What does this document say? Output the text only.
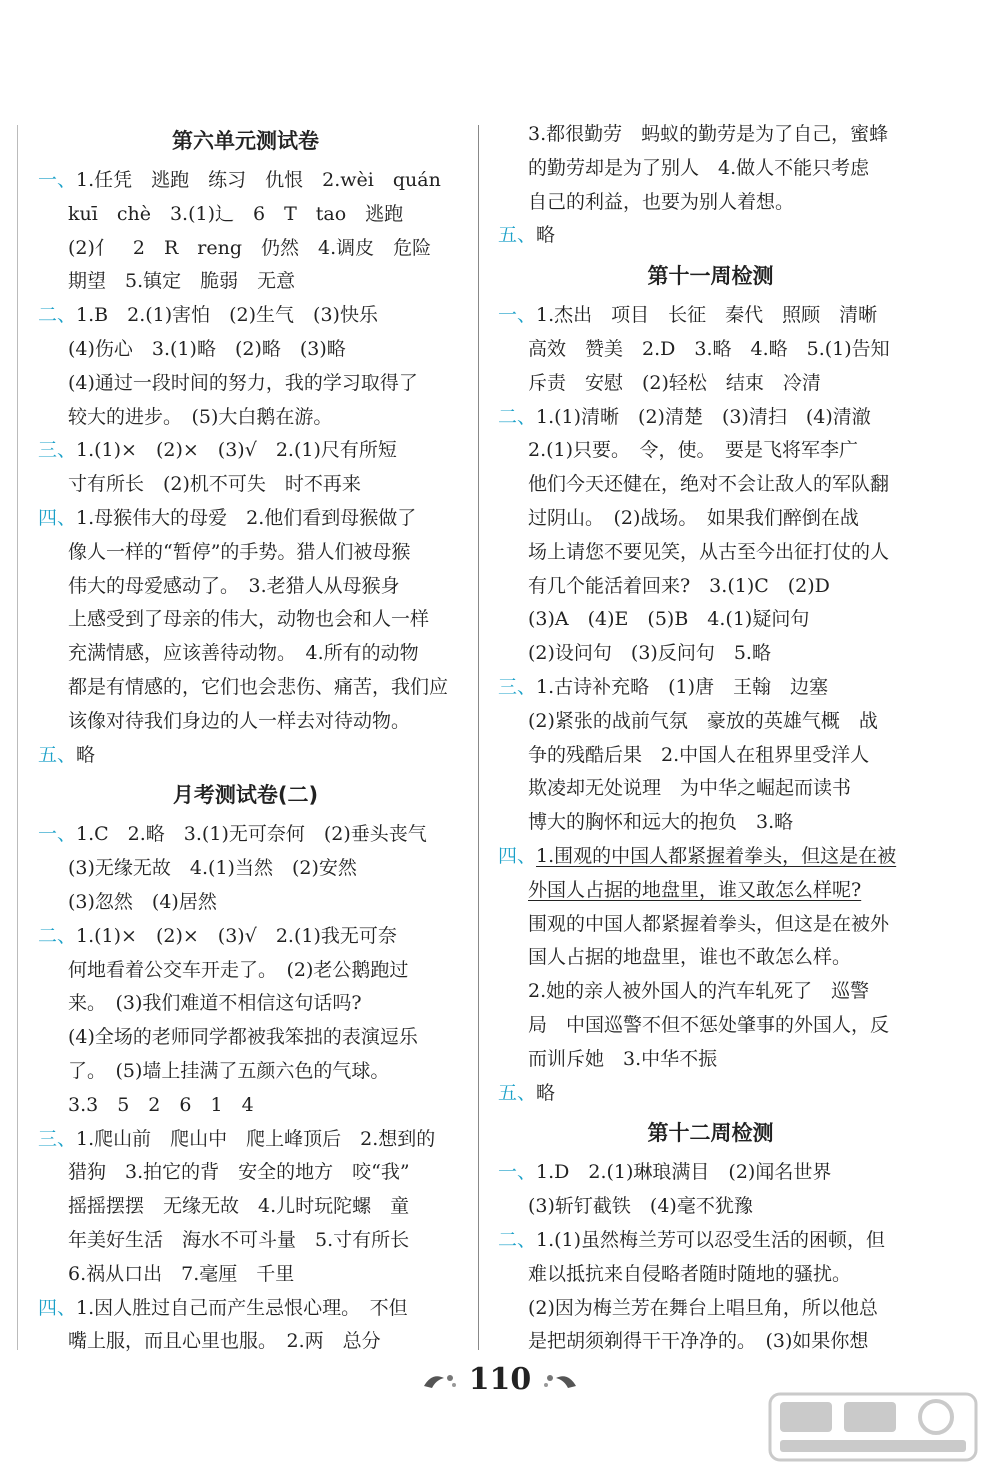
第六单元测试卷
一、1.任凭　逃跑　练习　仇恨　2.wèi　quán
kuī　chè　3.(1)辶　6　T　tao　逃跑
(2)亻　2　R　reng　仍然　4.调皮　危险
期望　5.镇定　脆弱　无意
二、1.B　2.(1)害怕　(2)生气　(3)快乐
(4)伤心　3.(1)略　(2)略　(3)略
(4)通过一段时间的努力，我的学习取得了
较大的进步。　(5)大白鹅在游。
三、1.(1)×　(2)×　(3)√　2.(1)尺有所短
寸有所长　(2)机不可失　时不再来
四、1.母猴伟大的母爱　2.他们看到母猴做了
像人一样的“暂停”的手势。猎人们被母猴
伟大的母爱感动了。　3.老猎人从母猴身
上感受到了母亲的伟大，动物也会和人一样
充满情感，应该善待动物。　4.所有的动物
都是有情感的，它们也会悲伤、痛苦，我们应
该像对待我们身边的人一样去对待动物。
五、略
月考测试卷(二)
一、1.C　2.略　3.(1)无可奈何　(2)垂头丧气
(3)无缘无故　4.(1)当然　(2)安然
(3)忽然　(4)居然
二、1.(1)×　(2)×　(3)√　2.(1)我无可奈
何地看着公交车开走了。　(2)老公鹅跑过
来。　(3)我们难道不相信这句话吗?
(4)全场的老师同学都被我笨拙的表演逗乐
了。　(5)墙上挂满了五颜六色的气球。
3.3　5　2　6　1　4
三、1.爬山前　爬山中　爬上峰顶后　2.想到的
猎狗　3.拍它的背　安全的地方　咬“我”
摇摇摆摆　无缘无故　4.儿时玩陀螺　童
年美好生活　海水不可斗量　5.寸有所长
6.祸从口出　7.毫厘　千里
四、1.因人胜过自己而产生忌恨心理。　不但
嘴上服，而且心里也服。　2.两　总分
3.都很勤劳　蚂蚁的勤劳是为了自己，蜜蜂
的勤劳却是为了别人　4.做人不能只考虑
自己的利益，也要为别人着想。
五、略
第十一周检测
一、1.杰出　项目　长征　秦代　照顾　清晰
高效　赞美　2.D　3.略　4.略　5.(1)告知
斥责　安慰　(2)轻松　结束　冷清
二、1.(1)清晰　(2)清楚　(3)清扫　(4)清澈
2.(1)只要。　令，使。　要是飞将军李广
他们今天还健在，绝对不会让敌人的军队翻
过阴山。　(2)战场。　如果我们醉倒在战
场上请您不要见笑，从古至今出征打仗的人
有几个能活着回来?　3.(1)C　(2)D
(3)A　(4)E　(5)B　4.(1)疑问句
(2)设问句　(3)反问句　5.略
三、1.古诗补充略　(1)唐　王翰　边塞
(2)紧张的战前气氛　豪放的英雄气概　战
争的残酷后果　2.中国人在租界里受洋人
欺凌却无处说理　为中华之崛起而读书
博大的胸怀和远大的抱负　3.略
四、1.围观的中国人都紧握着拳头，但这是在被
外国人占据的地盘里，谁又敢怎么样呢?
围观的中国人都紧握着拳头，但这是在被外
国人占据的地盘里，谁也不敢怎么样。
2.她的亲人被外国人的汽车轧死了　巡警
局　中国巡警不但不惩处肇事的外国人，反
而训斥她　3.中华不振
五、略
第十二周检测
一、1.D　2.(1)琳琅满目　(2)闻名世界
(3)斩钉截铁　(4)毫不犹豫
二、1.(1)虽然梅兰芳可以忍受生活的困顿，但
难以抵抗来自侵略者随时随地的骚扰。
(2)因为梅兰芳在舞台上唱旦角，所以他总
是把胡须剃得干干净净的。　(3)如果你想
110
